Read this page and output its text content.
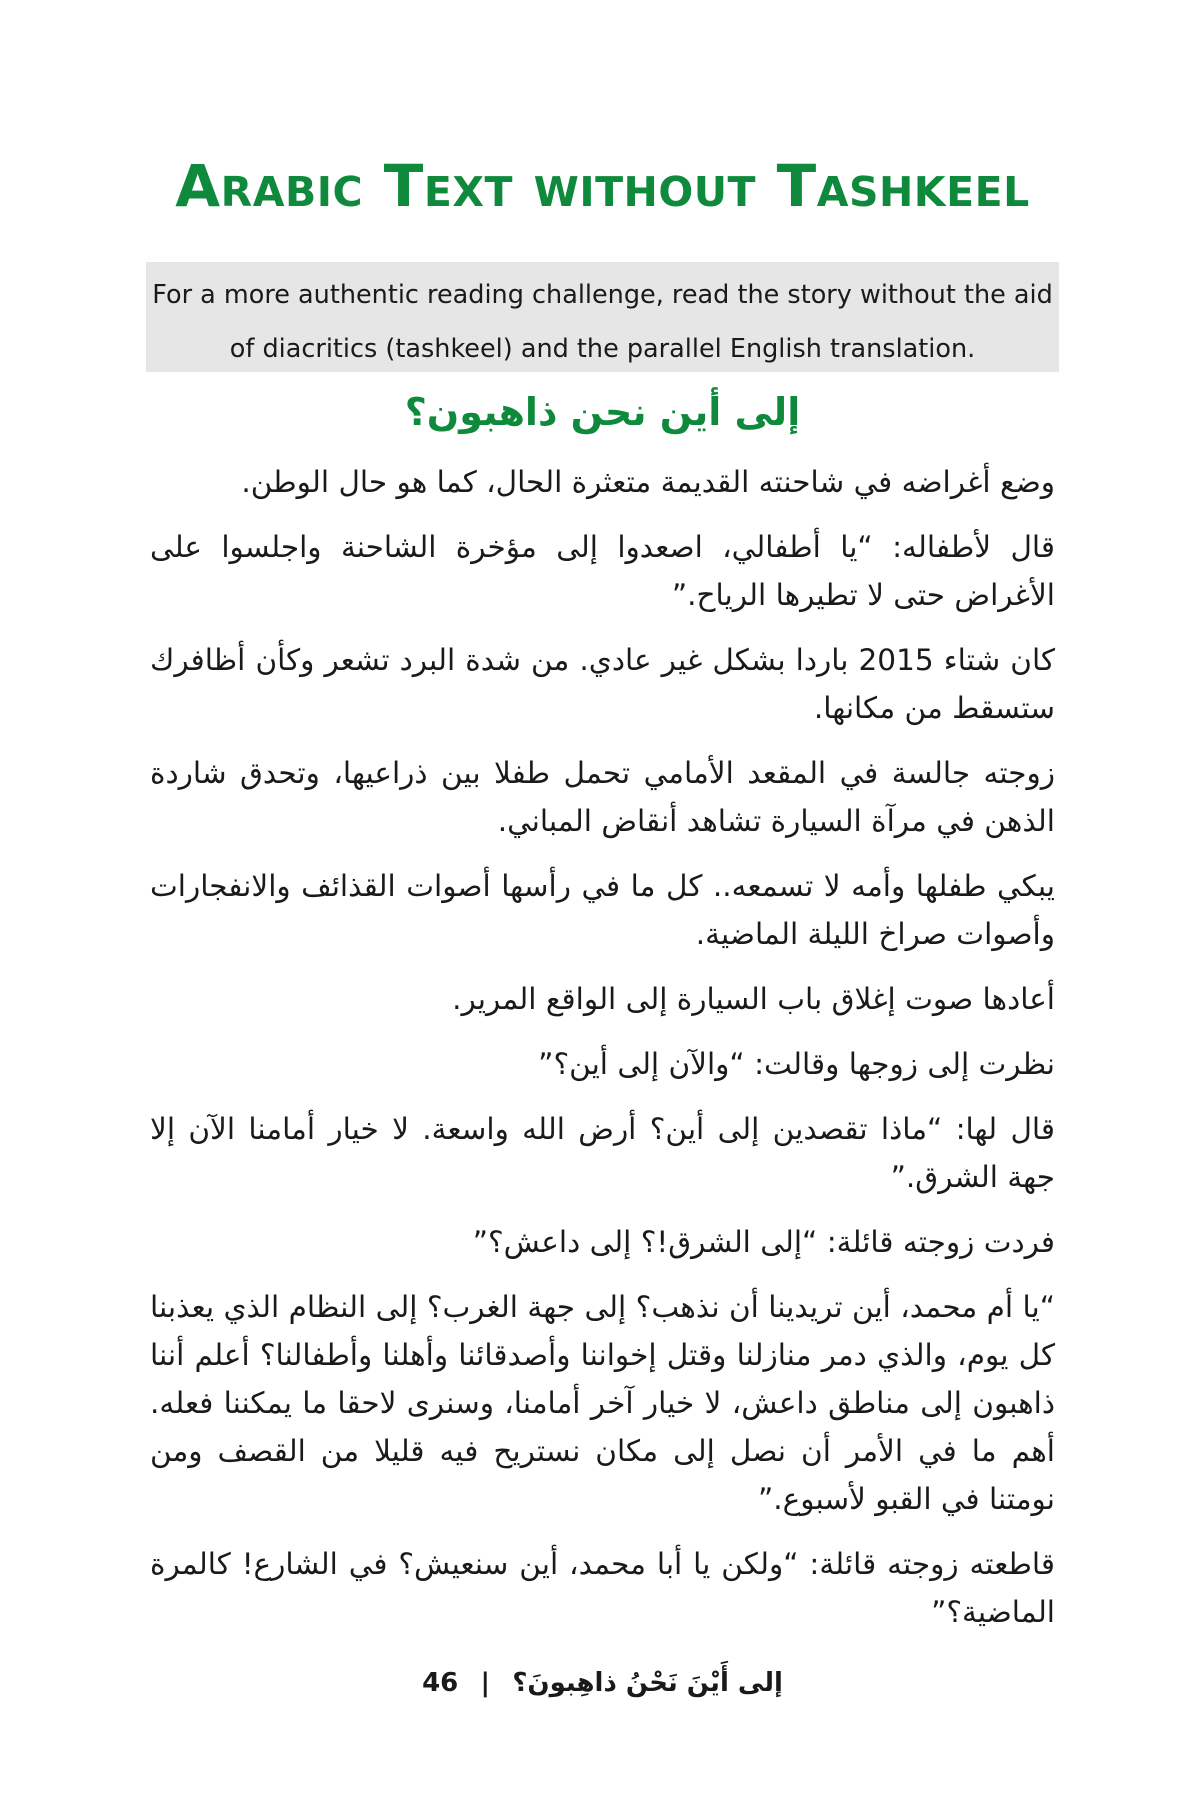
Arabic Text without Tashkeel
For a more authentic reading challenge, read the story without the aid of diacritics (tashkeel) and the parallel English translation.
إلى أين نحن ذاهبون؟

وضع أغراضه في شاحنته القديمة متعثرة الحال، كما هو حال الوطن.

قال لأطفاله: “يا أطفالي، اصعدوا إلى مؤخرة الشاحنة واجلسوا على الأغراض حتى لا تطيرها الرياح.”

كان شتاء 2015 باردا بشكل غير عادي. من شدة البرد تشعر وكأن أظافرك ستسقط من مكانها.

زوجته جالسة في المقعد الأمامي تحمل طفلا بين ذراعيها، وتحدق شاردة الذهن في مرآة السيارة تشاهد أنقاض المباني.

يبكي طفلها وأمه لا تسمعه.. كل ما في رأسها أصوات القذائف والانفجارات وأصوات صراخ الليلة الماضية.

أعادها صوت إغلاق باب السيارة إلى الواقع المرير.

نظرت إلى زوجها وقالت: “والآن إلى أين؟”

قال لها: “ماذا تقصدين إلى أين؟ أرض الله واسعة. لا خيار أمامنا الآن إلا جهة الشرق.”

فردت زوجته قائلة: “إلى الشرق!؟ إلى داعش؟”

“يا أم محمد، أين تريدينا أن نذهب؟ إلى جهة الغرب؟ إلى النظام الذي يعذبنا كل يوم، والذي دمر منازلنا وقتل إخواننا وأصدقائنا وأهلنا وأطفالنا؟ أعلم أننا ذاهبون إلى مناطق داعش، لا خيار آخر أمامنا، وسنرى لاحقا ما يمكننا فعله. أهم ما في الأمر أن نصل إلى مكان نستريح فيه قليلا من القصف ومن نومتنا في القبو لأسبوع.”

قاطعته زوجته قائلة: “ولكن يا أبا محمد، أين سنعيش؟ في الشارع! كالمرة الماضية؟”

إلى أَيْنَ نَحْنُ ذاهِبونَ؟ | 46
